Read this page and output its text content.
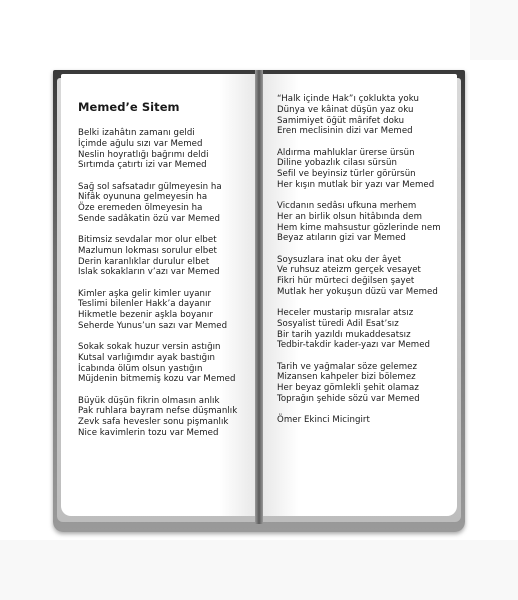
Memed’e Sitem
Belki izahâtın zamanı geldi
İçimde ağulu sızı var Memed
Neslin hoyratlığı bağrımı deldi
Sırtımda çatırtı izi var Memed
Sağ sol safsatadır gülmeyesin ha
Nifâk oyununa gelmeyesin ha
Öze eremeden ölmeyesin ha
Sende sadâkatin özü var Memed
Bitimsiz sevdalar mor olur elbet
Mazlumun lokması sorulur elbet
Derin karanlıklar durulur elbet
Islak sokakların v’azı var Memed
Kimler aşka gelir kimler uyanır
Teslimi bilenler Hakk’a dayanır
Hikmetle bezenir aşkla boyanır
Seherde Yunus’un sazı var Memed
Sokak sokak huzur versin astığın
Kutsal varlığımdır ayak bastığın
İcabında ölüm olsun yastığın
Müjdenin bitmemiş kozu var Memed
Büyük düşün fikrin olmasın anlık
Pak ruhlara bayram nefse düşmanlık
Zevk safa hevesler sonu pişmanlık
Nice kavimlerin tozu var Memed
“Halk içinde Hak”ı çoklukta yoku
Dünya ve kâinat düşün yaz oku
Samimiyet öğüt mârifet doku
Eren meclisinin dizi var Memed
Aldırma mahluklar ürerse ürsün
Diline yobazlık cilası sürsün
Sefil ve beyinsiz türler görürsün
Her kışın mutlak bir yazı var Memed
Vicdanın sedâsı ufkuna merhem
Her an birlik olsun hitâbında dem
Hem kime mahsustur gözlerinde nem
Beyaz atıların gizi var Memed
Soysuzlara inat oku der âyet
Ve ruhsuz ateizm gerçek vesayet
Fikri hür mürteci değilsen şayet
Mutlak her yokuşun düzü var Memed
Heceler mustarip mısralar atsız
Sosyalist türedi Adil Esat’sız
Bir tarih yazıldı mukaddesatsız
Tedbir-takdir kader-yazı var Memed
Tarih ve yağmalar söze gelemez
Mizansen kahpeler bizi bölemez
Her beyaz gömlekli şehit olamaz
Toprağın şehide sözü var Memed
Ömer Ekinci Micingirt
